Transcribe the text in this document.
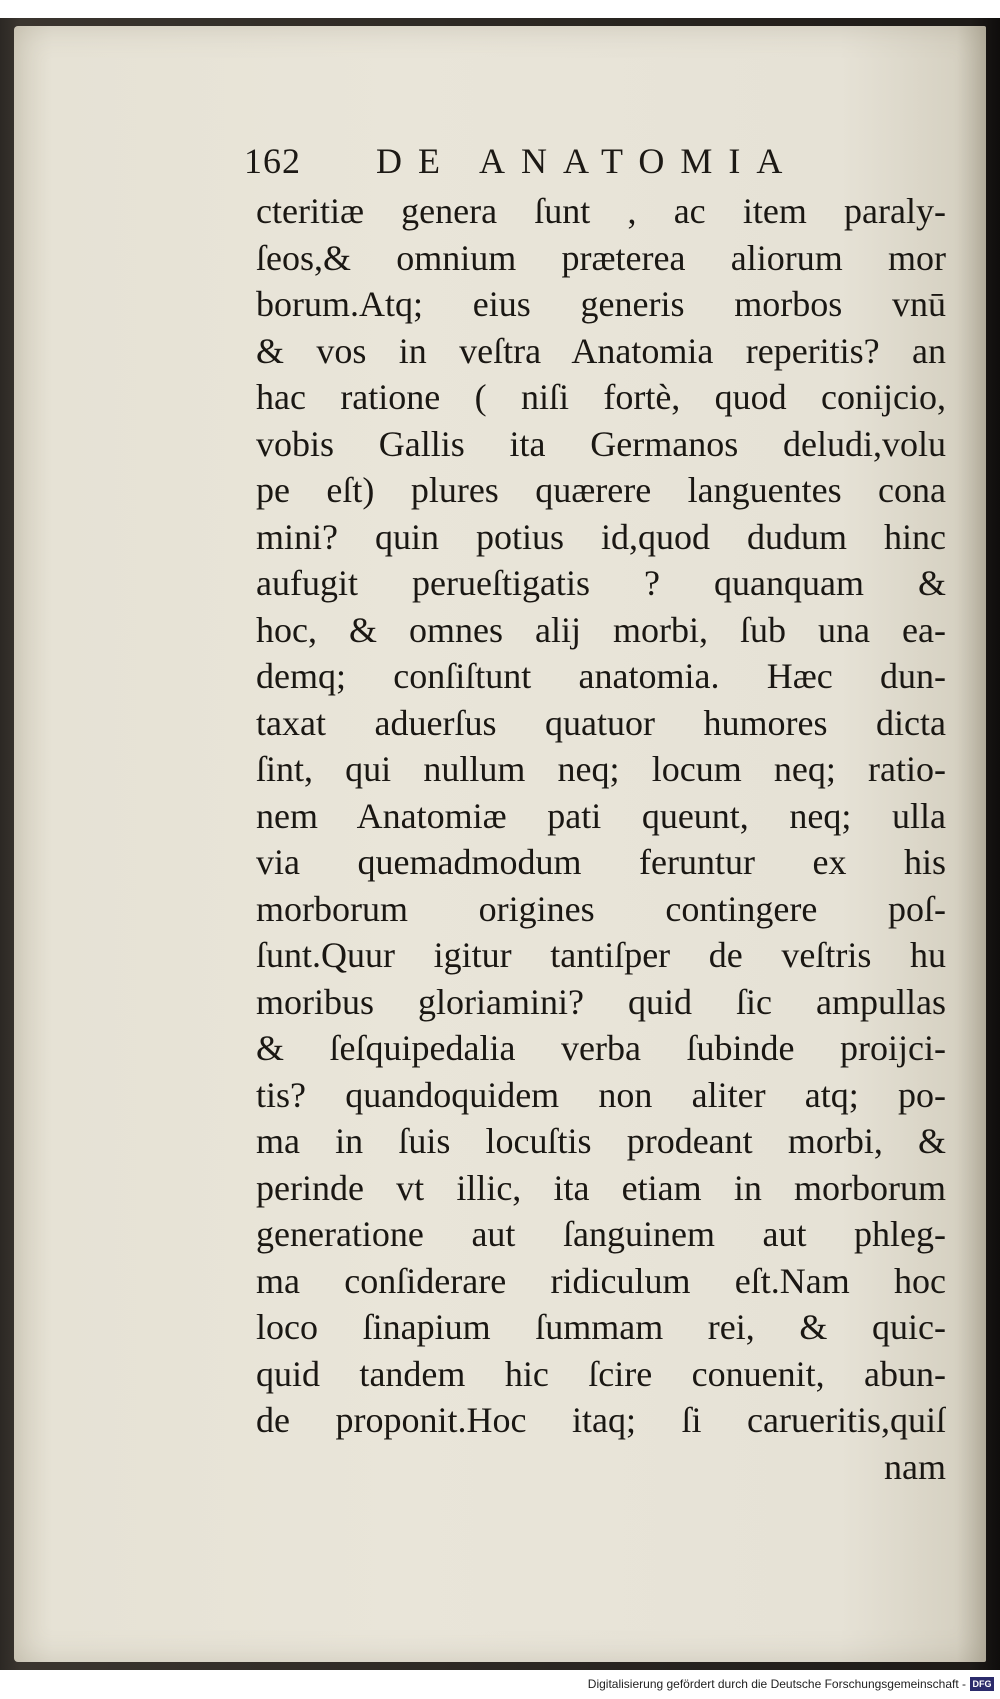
162 DE ANATOMIA
cteritiæ genera ſunt , ac item paraly-
ſeos,& omnium præterea aliorum mor
borum.Atq; eius generis morbos vnū
& vos in veſtra Anatomia reperitis? an
hac ratione ( niſi fortè, quod conijcio,
vobis Gallis ita Germanos deludi,volu
pe eſt) plures quærere languentes cona
mini? quin potius id,quod dudum hinc
aufugit perueſtigatis ? quanquam &
hoc, & omnes alij morbi, ſub una ea-
demq; conſiſtunt anatomia. Hæc dun-
taxat aduerſus quatuor humores dicta
ſint, qui nullum neq; locum neq; ratio-
nem Anatomiæ pati queunt, neq; ulla
via quemadmodum feruntur ex his
morborum origines contingere poſ-
ſunt.Quur igitur tantiſper de veſtris hu
moribus gloriamini? quid ſic ampullas
& ſeſquipedalia verba ſubinde proijci-
tis? quandoquidem non aliter atq; po-
ma in ſuis locuſtis prodeant morbi, &
perinde vt illic, ita etiam in morborum
generatione aut ſanguinem aut phleg-
ma conſiderare ridiculum eſt.Nam hoc
loco ſinapium ſummam rei, & quic-
quid tandem hic ſcire conuenit, abun-
de proponit.Hoc itaq; ſi carueritis,quiſ
nam
Digitalisierung gefördert durch die Deutsche Forschungsgemeinschaft - DFG
